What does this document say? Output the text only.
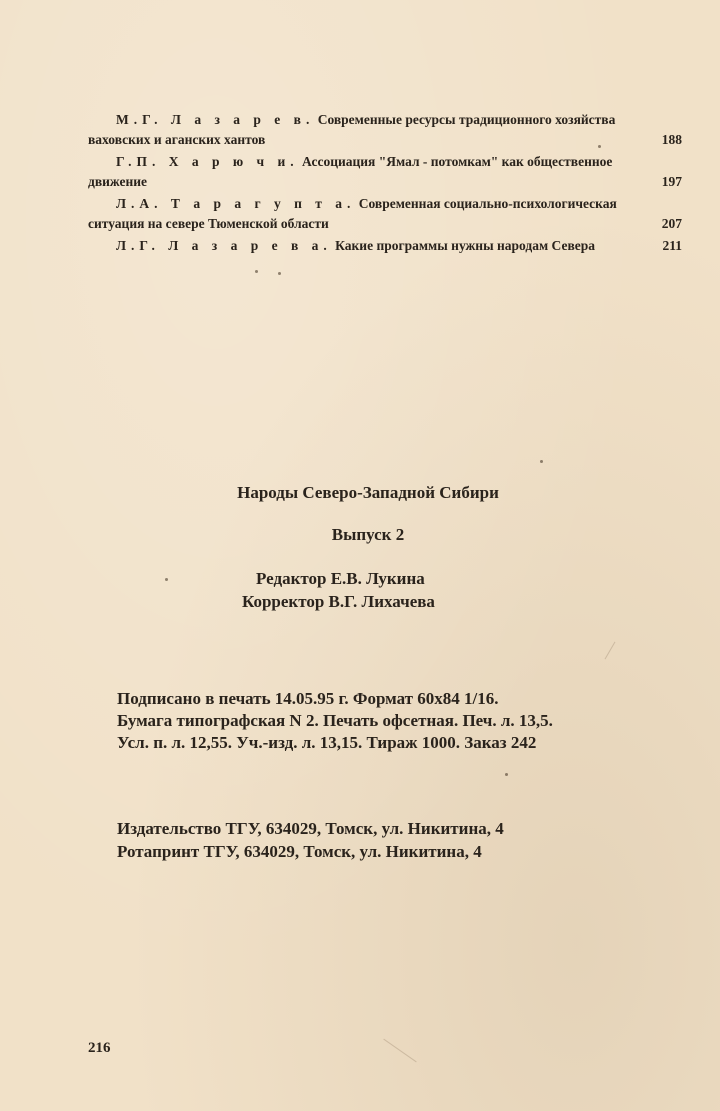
М.Г. Л а з а р е в. Современные ресурсы традиционного хозяйства
ваховских и аганских хантов	188
Г.П. Х а р ю ч и. Ассоциация "Ямал - потомкам" как общественное
движение	197
Л.А. Т а р а г у п т а. Современная социально-психологическая
ситуация на севере Тюменской области	207
Л.Г. Л а з а р е в а. Какие программы нужны народам Севера	211
Народы Северо-Западной Сибири
Выпуск 2
Редактор Е.В. Лукина
Корректор В.Г. Лихачева
Подписано в печать 14.05.95 г. Формат 60х84 1/16.
Бумага типографская N 2. Печать офсетная. Печ. л. 13,5.
Усл. п. л. 12,55. Уч.-изд. л. 13,15. Тираж 1000. Заказ 242
Издательство ТГУ, 634029, Томск, ул. Никитина, 4
Ротапринт ТГУ, 634029, Томск, ул. Никитина, 4
216
